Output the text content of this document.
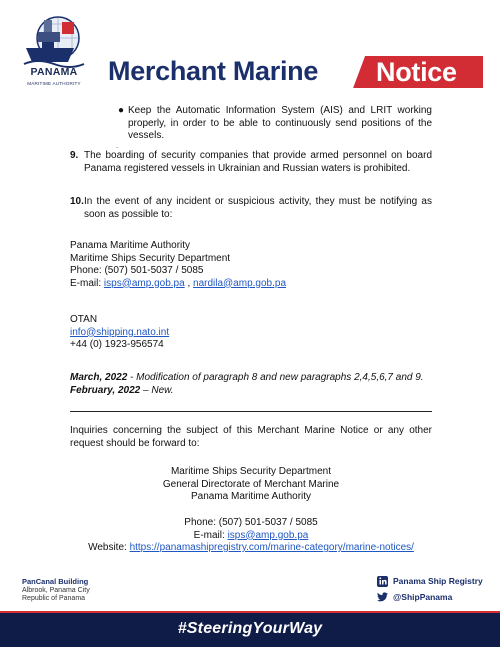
PANAMA
MARITIME AUTHORITY Merchant Marine Notice
● Keep the Automatic Information System (AIS) and LRIT working properly, in order to be able to continuously send positions of the vessels.
.
9. The boarding of security companies that provide armed personnel on board Panama registered vessels in Ukrainian and Russian waters is prohibited.
10. In the event of any incident or suspicious activity, they must be notifying as soon as possible to:
Panama Maritime Authority
Maritime Ships Security Department
Phone: (507) 501-5037 / 5085
E-mail: isps@amp.gob.pa , nardila@amp.gob.pa
OTAN
info@shipping.nato.int
+44 (0) 1923-956574
March, 2022 - Modification of paragraph 8 and new paragraphs 2,4,5,6,7 and 9.
February, 2022 – New.
Inquiries concerning the subject of this Merchant Marine Notice or any other request should be forward to:
Maritime Ships Security Department
General Directorate of Merchant Marine
Panama Maritime Authority
Phone: (507) 501-5037 / 5085
E-mail: isps@amp.gob.pa
Website: https://panamashipregistry.com/marine-category/marine-notices/
PanCanal Building
Albrook, Panama City
Republic of Panama
Panama Ship Registry
@ShipPanama
#SteeringYourWay
